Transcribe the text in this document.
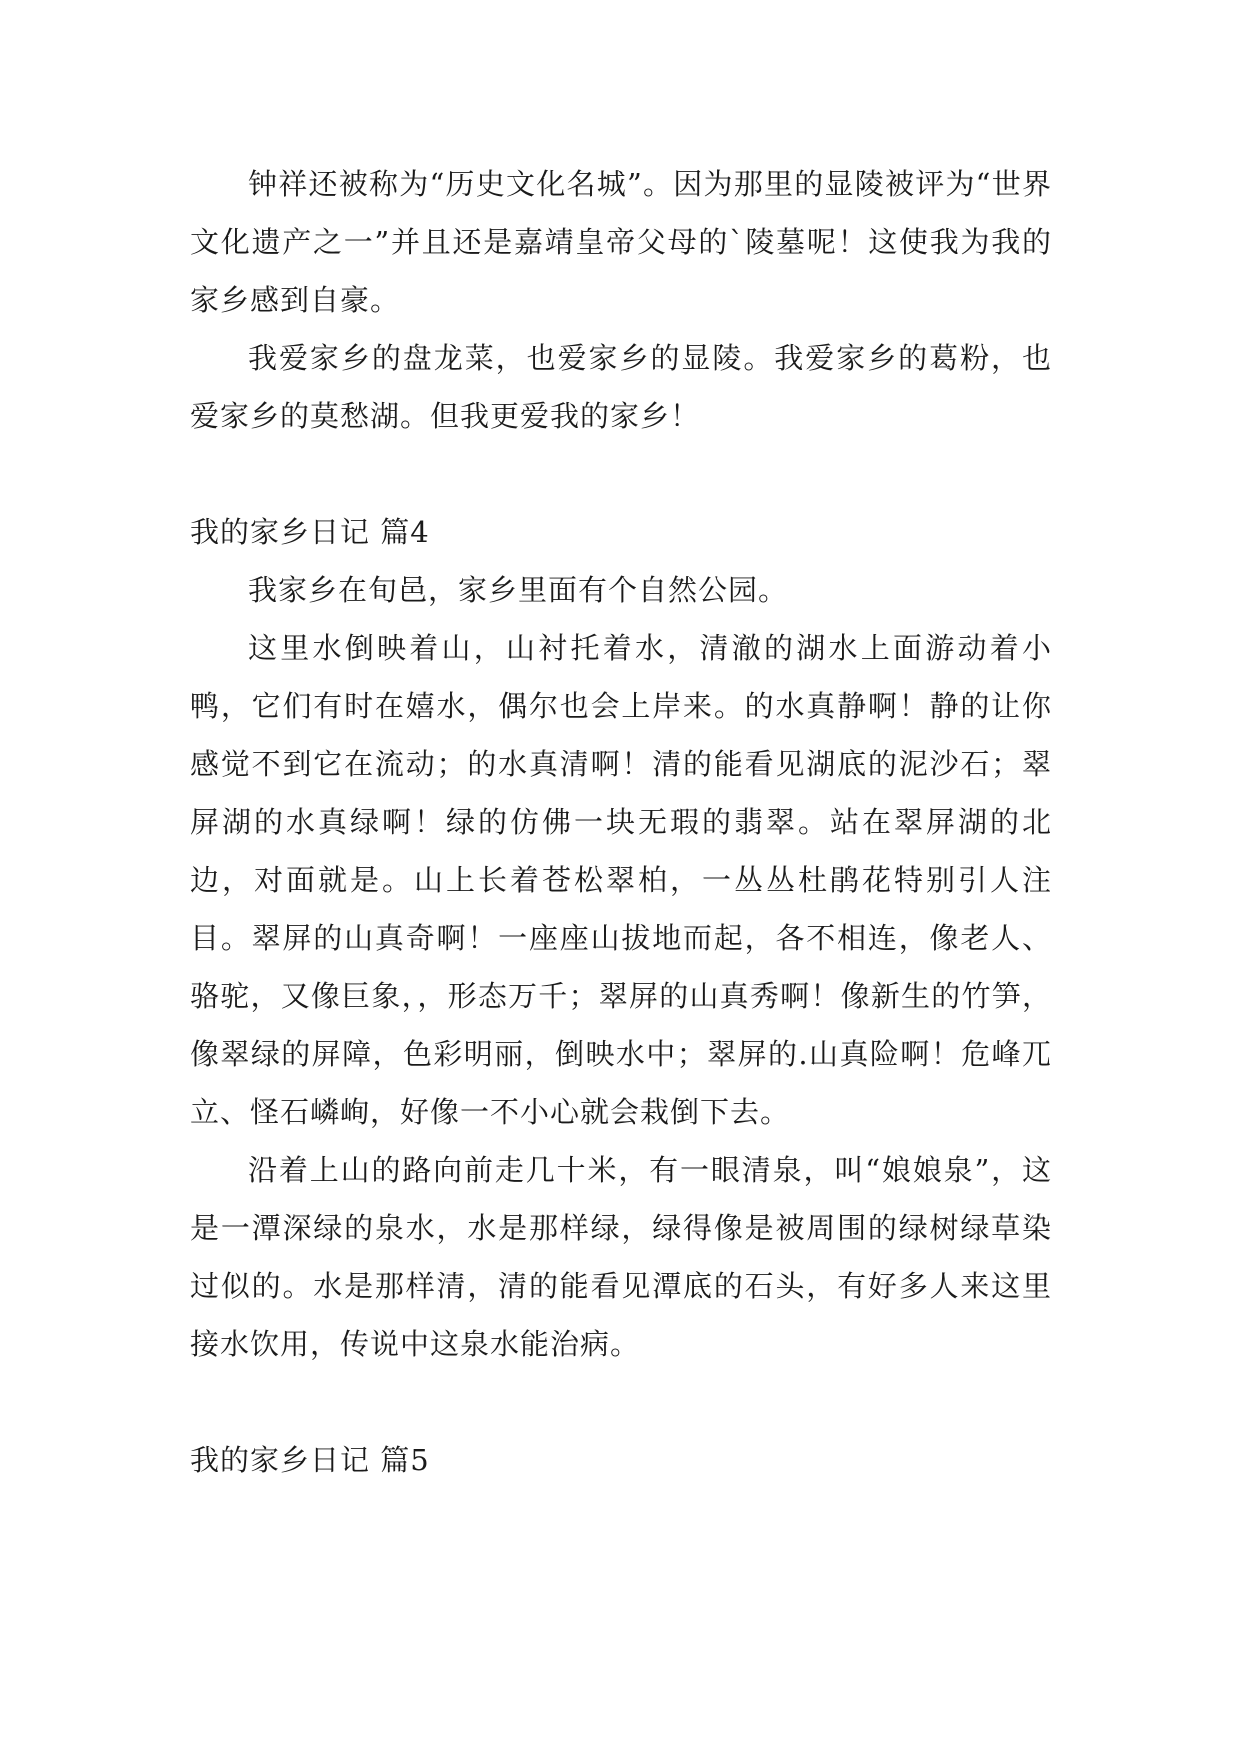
钟祥还被称为“历史文化名城”。因为那里的显陵被评为“世界文化遗产之一”并且还是嘉靖皇帝父母的`陵墓呢！这使我为我的家乡感到自豪。

我爱家乡的盘龙菜，也爱家乡的显陵。我爱家乡的葛粉，也爱家乡的莫愁湖。但我更爱我的家乡！

我的家乡日记 篇4

我家乡在旬邑，家乡里面有个自然公园。

这里水倒映着山，山衬托着水，清澈的湖水上面游动着小鸭，它们有时在嬉水，偶尔也会上岸来。的水真静啊！静的让你感觉不到它在流动；的水真清啊！清的能看见湖底的泥沙石；翠屏湖的水真绿啊！绿的仿佛一块无瑕的翡翠。站在翠屏湖的北边，对面就是。山上长着苍松翠柏，一丛丛杜鹃花特别引人注目。翠屏的山真奇啊！一座座山拔地而起，各不相连，像老人、骆驼，又像巨象，，形态万千；翠屏的山真秀啊！像新生的竹笋，像翠绿的屏障，色彩明丽，倒映水中；翠屏的.山真险啊！危峰兀立、怪石嶙峋，好像一不小心就会栽倒下去。

沿着上山的路向前走几十米，有一眼清泉，叫“娘娘泉”，这是一潭深绿的泉水，水是那样绿，绿得像是被周围的绿树绿草染过似的。水是那样清，清的能看见潭底的石头，有好多人来这里接水饮用，传说中这泉水能治病。

我的家乡日记 篇5
